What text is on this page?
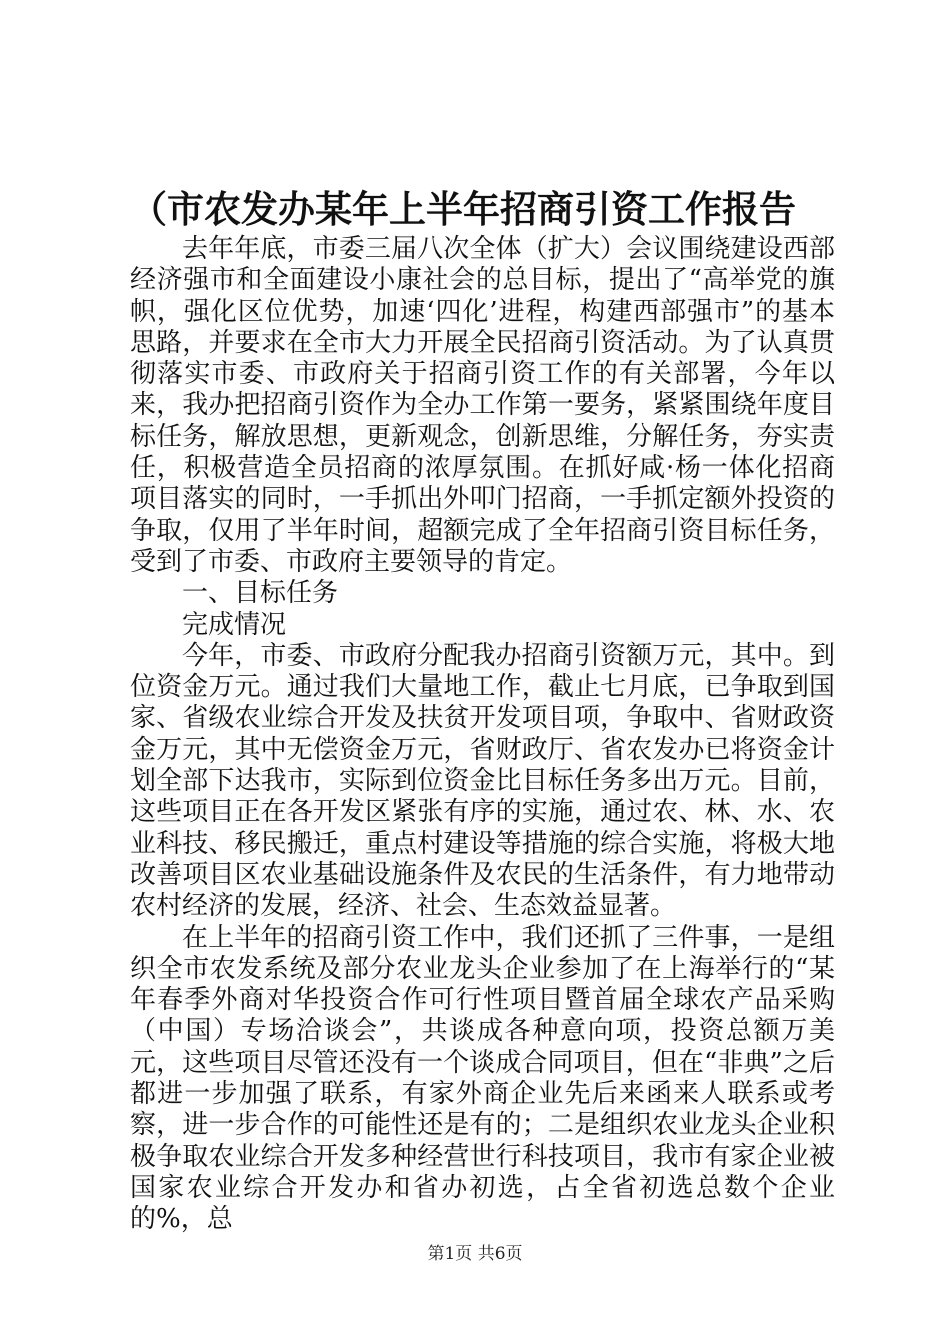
（市农发办某年上半年招商引资工作报告

去年年底，市委三届八次全体（扩大）会议围绕建设西部经济强市和全面建设小康社会的总目标，提出了“高举党的旗帜，强化区位优势，加速‘四化’进程，构建西部强市”的基本思路，并要求在全市大力开展全民招商引资活动。为了认真贯彻落实市委、市政府关于招商引资工作的有关部署，今年以来，我办把招商引资作为全办工作第一要务，紧紧围绕年度目标任务，解放思想，更新观念，创新思维，分解任务，夯实责任，积极营造全员招商的浓厚氛围。在抓好咸·杨一体化招商项目落实的同时，一手抓出外叩门招商，一手抓定额外投资的争取，仅用了半年时间，超额完成了全年招商引资目标任务，受到了市委、市政府主要领导的肯定。

一、目标任务

完成情况

今年，市委、市政府分配我办招商引资额万元，其中。到位资金万元。通过我们大量地工作，截止七月底，已争取到国家、省级农业综合开发及扶贫开发项目项，争取中、省财政资金万元，其中无偿资金万元，省财政厅、省农发办已将资金计划全部下达我市，实际到位资金比目标任务多出万元。目前，这些项目正在各开发区紧张有序的实施，通过农、林、水、农业科技、移民搬迁，重点村建设等措施的综合实施，将极大地改善项目区农业基础设施条件及农民的生活条件，有力地带动农村经济的发展，经济、社会、生态效益显著。

在上半年的招商引资工作中，我们还抓了三件事，一是组织全市农发系统及部分农业龙头企业参加了在上海举行的“某年春季外商对华投资合作可行性项目暨首届全球农产品采购（中国）专场洽谈会”，共谈成各种意向项，投资总额万美元，这些项目尽管还没有一个谈成合同项目，但在“非典”之后都进一步加强了联系，有家外商企业先后来函来人联系或考察，进一步合作的可能性还是有的；二是组织农业龙头企业积极争取农业综合开发多种经营世行科技项目，我市有家企业被国家农业综合开发办和省办初选，占全省初选总数个企业的%，总

第1页 共6页
